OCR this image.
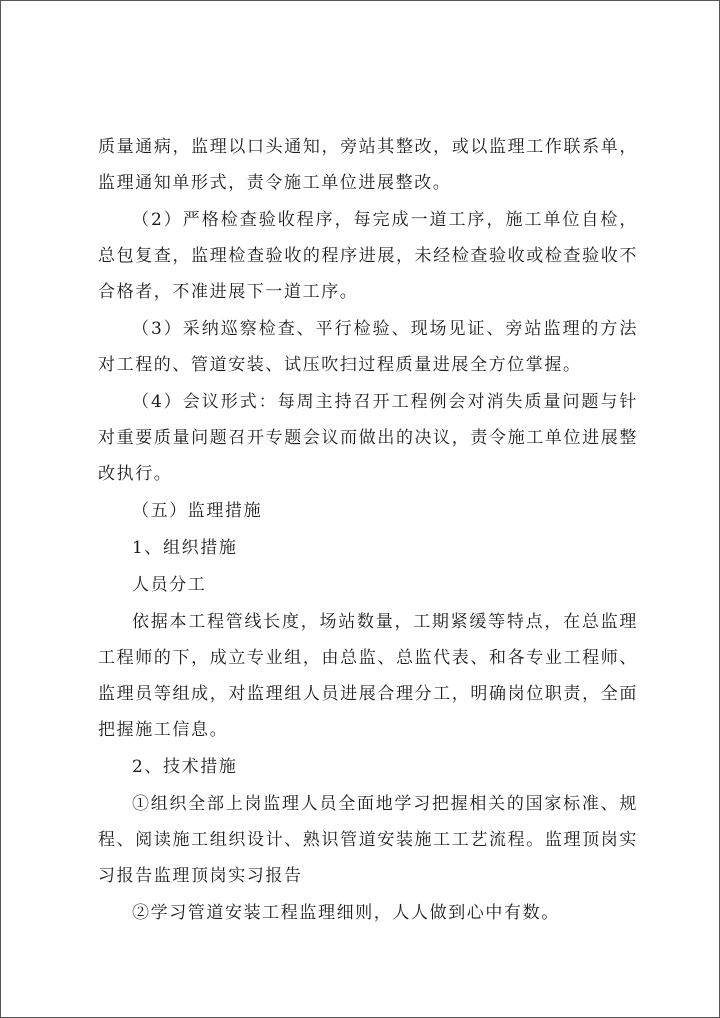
质量通病，监理以口头通知，旁站其整改，或以监理工作联系单，监理通知单形式，责令施工单位进展整改。

（2）严格检查验收程序，每完成一道工序，施工单位自检，总包复查，监理检查验收的程序进展，未经检查验收或检查验收不合格者，不准进展下一道工序。

（3）采纳巡察检查、平行检验、现场见证、旁站监理的方法对工程的、管道安装、试压吹扫过程质量进展全方位掌握。

（4）会议形式：每周主持召开工程例会对消失质量问题与针对重要质量问题召开专题会议而做出的决议，责令施工单位进展整改执行。

（五）监理措施

1、组织措施

人员分工

依据本工程管线长度，场站数量，工期紧缓等特点，在总监理工程师的下，成立专业组，由总监、总监代表、和各专业工程师、监理员等组成，对监理组人员进展合理分工，明确岗位职责，全面把握施工信息。

2、技术措施

①组织全部上岗监理人员全面地学习把握相关的国家标准、规程、阅读施工组织设计、熟识管道安装施工工艺流程。监理顶岗实习报告监理顶岗实习报告

②学习管道安装工程监理细则，人人做到心中有数。
